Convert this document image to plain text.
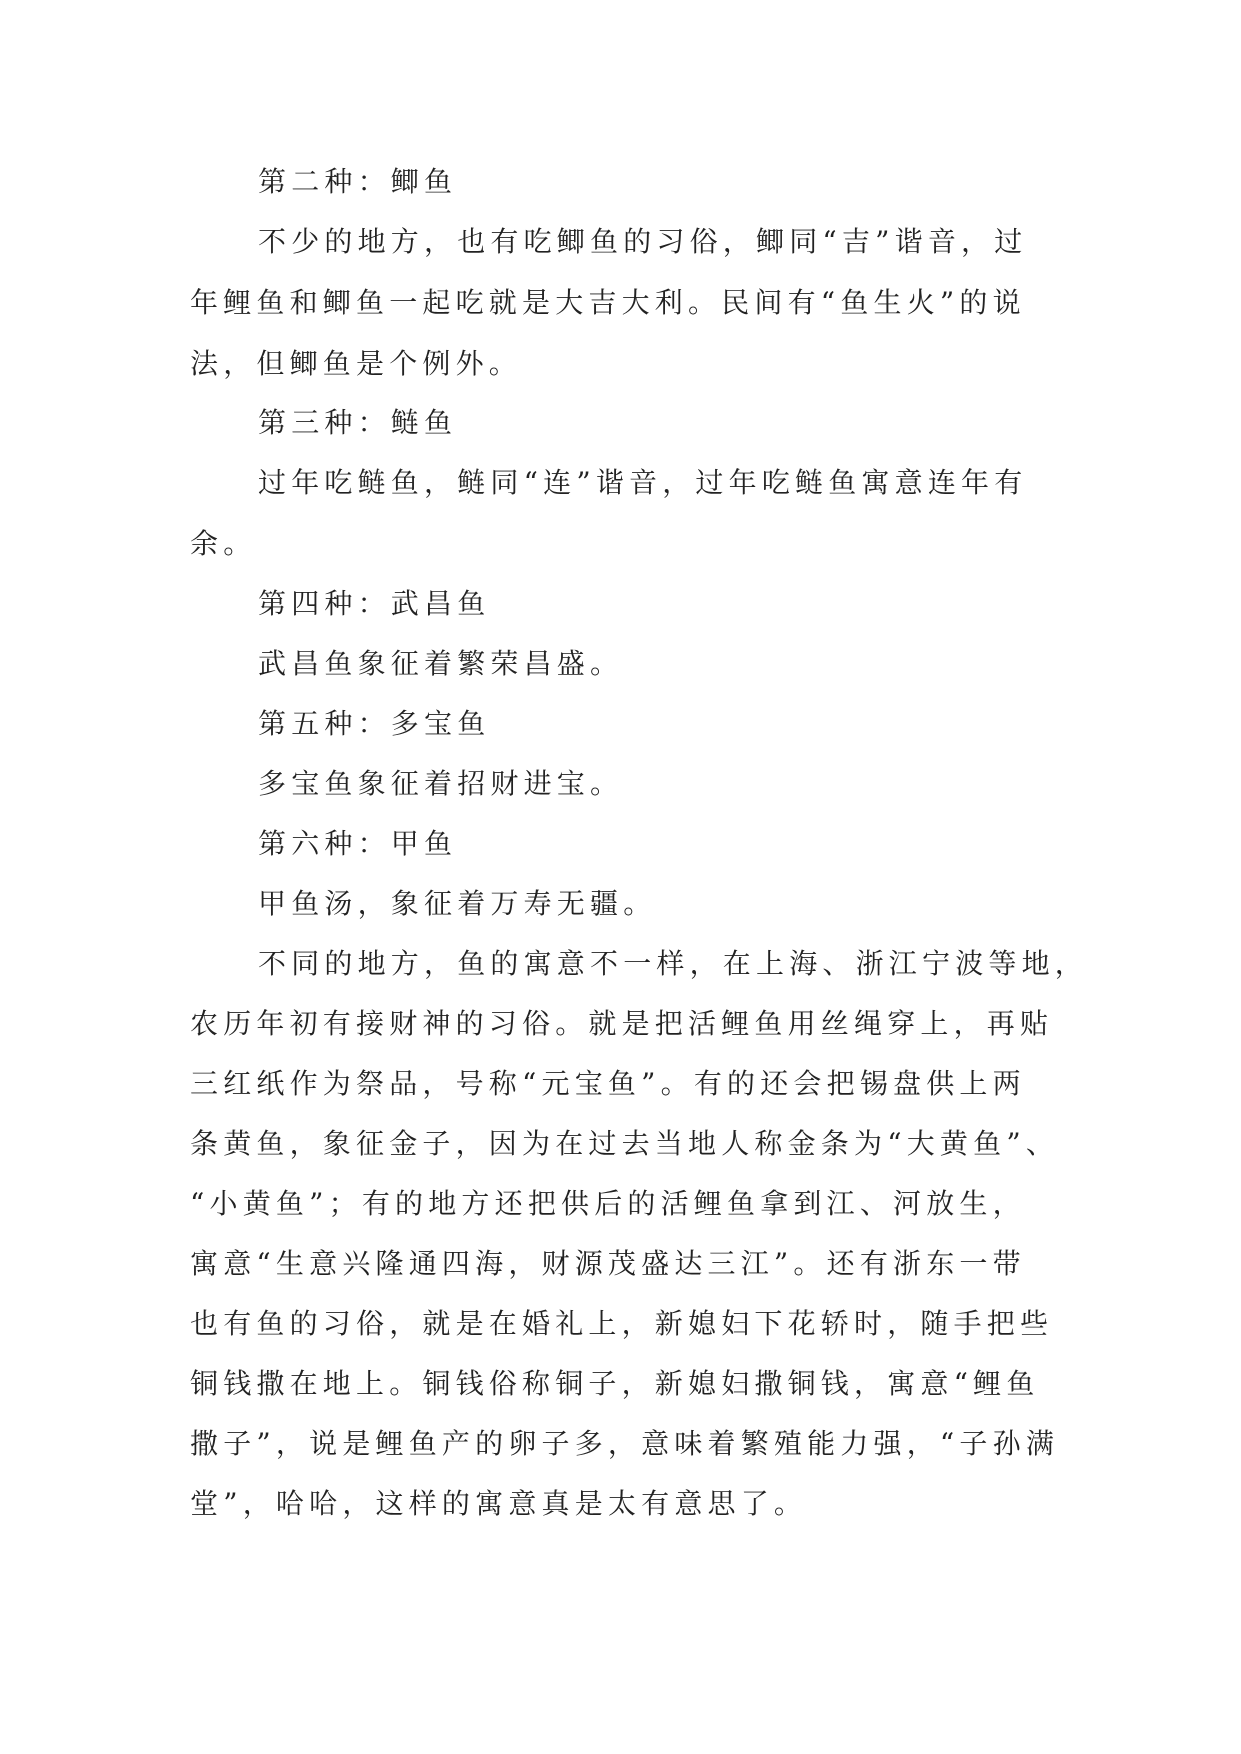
第二种：鲫鱼
不少的地方，也有吃鲫鱼的习俗，鲫同“吉”谐音，过
年鲤鱼和鲫鱼一起吃就是大吉大利。民间有“鱼生火”的说
法，但鲫鱼是个例外。
第三种：鲢鱼
过年吃鲢鱼，鲢同“连”谐音，过年吃鲢鱼寓意连年有
余。
第四种：武昌鱼
武昌鱼象征着繁荣昌盛。
第五种：多宝鱼
多宝鱼象征着招财进宝。
第六种：甲鱼
甲鱼汤，象征着万寿无疆。
不同的地方，鱼的寓意不一样，在上海、浙江宁波等地，
农历年初有接财神的习俗。就是把活鲤鱼用丝绳穿上，再贴
三红纸作为祭品，号称“元宝鱼”。有的还会把锡盘供上两
条黄鱼，象征金子，因为在过去当地人称金条为“大黄鱼”、
“小黄鱼”；有的地方还把供后的活鲤鱼拿到江、河放生，
寓意“生意兴隆通四海，财源茂盛达三江”。还有浙东一带
也有鱼的习俗，就是在婚礼上，新媳妇下花轿时，随手把些
铜钱撒在地上。铜钱俗称铜子，新媳妇撒铜钱，寓意“鲤鱼
撒子”，说是鲤鱼产的卵子多，意味着繁殖能力强，“子孙满
堂”，哈哈，这样的寓意真是太有意思了。
